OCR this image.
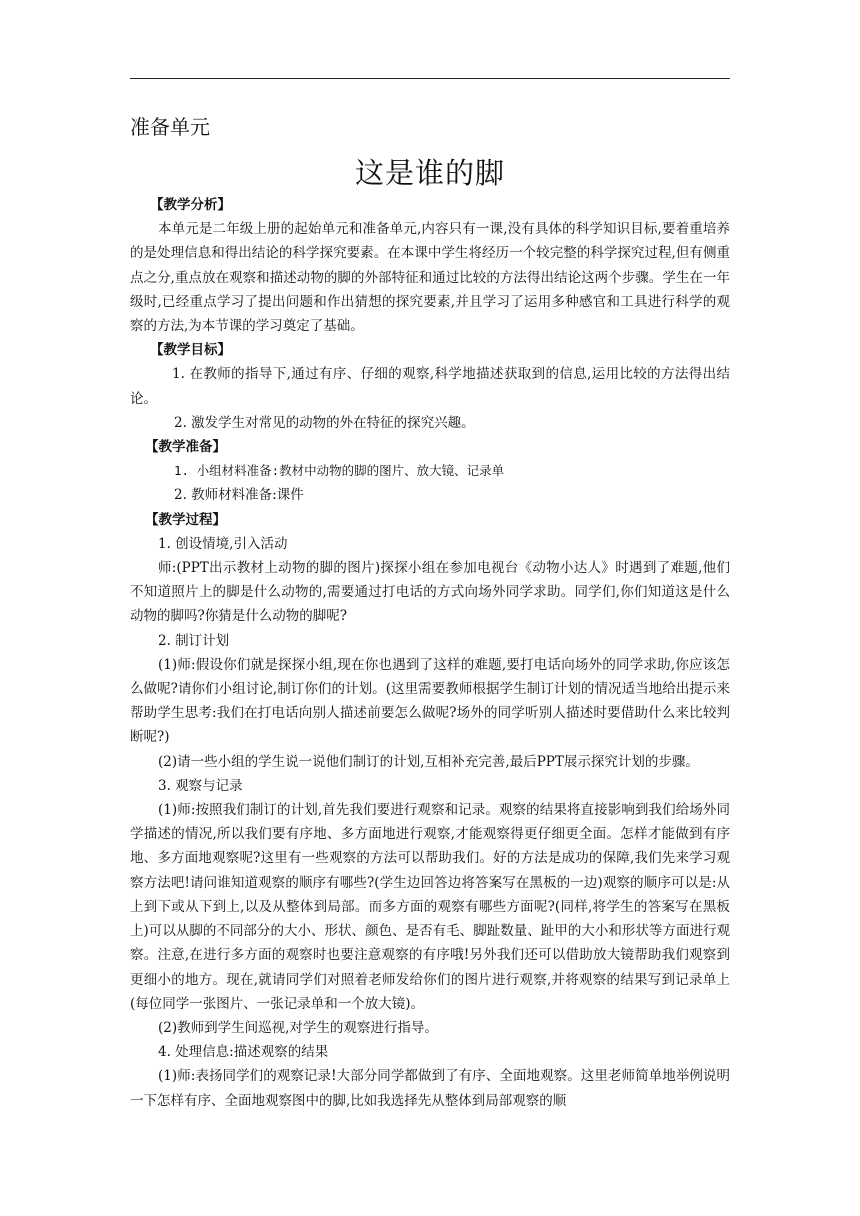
准备单元
这是谁的脚

【教学分析】

本单元是二年级上册的起始单元和准备单元,内容只有一课,没有具体的科学知识目标,要着重培养的是处理信息和得出结论的科学探究要素。在本课中学生将经历一个较完整的科学探究过程,但有侧重点之分,重点放在观察和描述动物的脚的外部特征和通过比较的方法得出结论这两个步骤。学生在一年级时,已经重点学习了提出问题和作出猜想的探究要素,并且学习了运用多种感官和工具进行科学的观察的方法,为本节课的学习奠定了基础。

【教学目标】

1. 在教师的指导下,通过有序、仔细的观察,科学地描述获取到的信息,运用比较的方法得出结论。

2. 激发学生对常见的动物的外在特征的探究兴趣。

【教学准备】

1. 小组材料准备:教材中动物的脚的图片、放大镜、记录单

2. 教师材料准备:课件

【教学过程】

1. 创设情境,引入活动

师:(PPT出示教材上动物的脚的图片)探探小组在参加电视台《动物小达人》时遇到了难题,他们不知道照片上的脚是什么动物的,需要通过打电话的方式向场外同学求助。同学们,你们知道这是什么动物的脚吗?你猜是什么动物的脚呢?

2. 制订计划

(1)师:假设你们就是探探小组,现在你也遇到了这样的难题,要打电话向场外的同学求助,你应该怎么做呢?请你们小组讨论,制订你们的计划。(这里需要教师根据学生制订计划的情况适当地给出提示来帮助学生思考:我们在打电话向别人描述前要怎么做呢?场外的同学听别人描述时要借助什么来比较判断呢?)

(2)请一些小组的学生说一说他们制订的计划,互相补充完善,最后PPT展示探究计划的步骤。

3. 观察与记录

(1)师:按照我们制订的计划,首先我们要进行观察和记录。观察的结果将直接影响到我们给场外同学描述的情况,所以我们要有序地、多方面地进行观察,才能观察得更仔细更全面。怎样才能做到有序地、多方面地观察呢?这里有一些观察的方法可以帮助我们。好的方法是成功的保障,我们先来学习观察方法吧!请问谁知道观察的顺序有哪些?(学生边回答边将答案写在黑板的一边)观察的顺序可以是:从上到下或从下到上,以及从整体到局部。而多方面的观察有哪些方面呢?(同样,将学生的答案写在黑板上)可以从脚的不同部分的大小、形状、颜色、是否有毛、脚趾数量、趾甲的大小和形状等方面进行观察。注意,在进行多方面的观察时也要注意观察的有序哦!另外我们还可以借助放大镜帮助我们观察到更细小的地方。现在,就请同学们对照着老师发给你们的图片进行观察,并将观察的结果写到记录单上(每位同学一张图片、一张记录单和一个放大镜)。

(2)教师到学生间巡视,对学生的观察进行指导。

4. 处理信息:描述观察的结果

(1)师:表扬同学们的观察记录!大部分同学都做到了有序、全面地观察。这里老师简单地举例说明一下怎样有序、全面地观察图中的脚,比如我选择先从整体到局部观察的顺
